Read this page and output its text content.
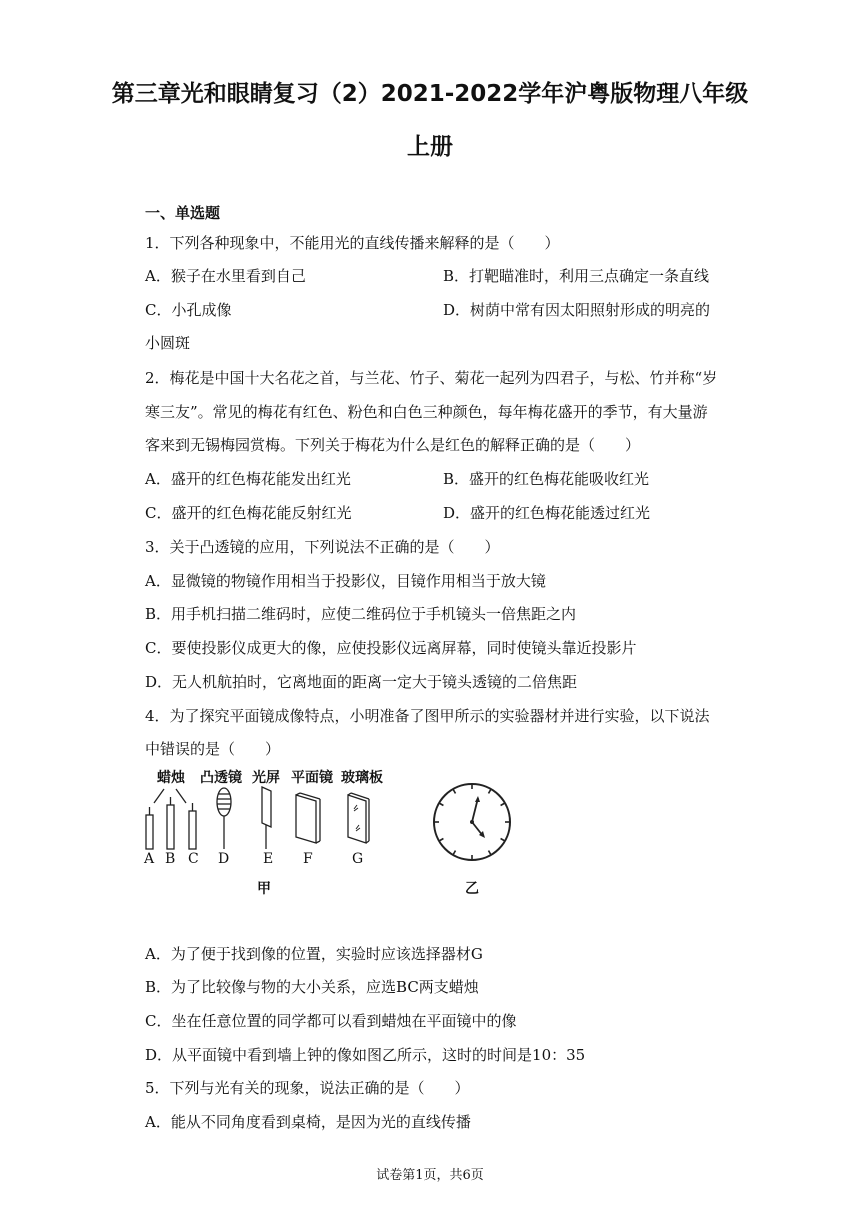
第三章光和眼睛复习（2）2021-2022学年沪粤版物理八年级
上册
一、单选题
1．下列各种现象中，不能用光的直线传播来解释的是（　　）
A．猴子在水里看到自己	B．打靶瞄准时，利用三点确定一条直线
C．小孔成像	D．树荫中常有因太阳照射形成的明亮的
小圆斑
2．梅花是中国十大名花之首，与兰花、竹子、菊花一起列为四君子，与松、竹并称“岁
寒三友”。常见的梅花有红色、粉色和白色三种颜色，每年梅花盛开的季节，有大量游
客来到无锡梅园赏梅。下列关于梅花为什么是红色的解释正确的是（　　）
A．盛开的红色梅花能发出红光	B．盛开的红色梅花能吸收红光
C．盛开的红色梅花能反射红光	D．盛开的红色梅花能透过红光
3．关于凸透镜的应用，下列说法不正确的是（　　）
A．显微镜的物镜作用相当于投影仪，目镜作用相当于放大镜
B．用手机扫描二维码时，应使二维码位于手机镜头一倍焦距之内
C．要使投影仪成更大的像，应使投影仪远离屏幕，同时使镜头靠近投影片
D．无人机航拍时，它离地面的距离一定大于镜头透镜的二倍焦距
4．为了探究平面镜成像特点，小明准备了图甲所示的实验器材并进行实验，以下说法
中错误的是（　　）
蜡烛 凸透镜 光屏 平面镜 玻璃板
A B C D E F	G
甲	乙
A．为了便于找到像的位置，实验时应该选择器材G
B．为了比较像与物的大小关系，应选BC两支蜡烛
C．坐在任意位置的同学都可以看到蜡烛在平面镜中的像
D．从平面镜中看到墙上钟的像如图乙所示，这时的时间是10：35
5．下列与光有关的现象，说法正确的是（　　）
A．能从不同角度看到桌椅，是因为光的直线传播
试卷第1页，共6页
